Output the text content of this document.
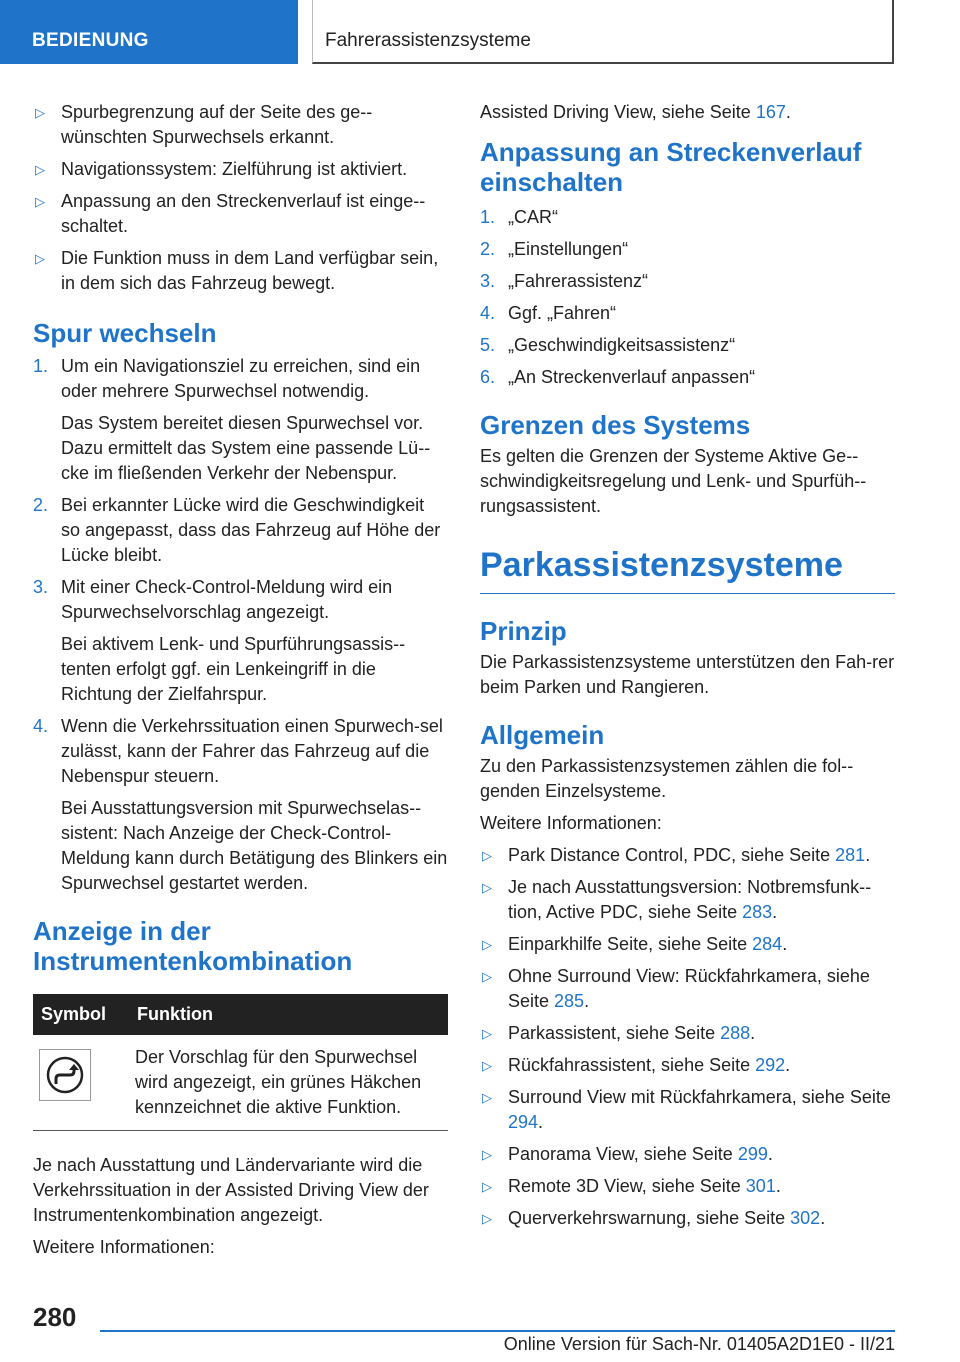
BEDIENUNG	Fahrerassistenzsysteme
▷ Spurbegrenzung auf der Seite des ge-wünschten Spurwechsels erkannt.
▷ Navigationssystem: Zielführung ist aktiviert.
▷ Anpassung an den Streckenverlauf ist einge-schaltet.
▷ Die Funktion muss in dem Land verfügbar sein, in dem sich das Fahrzeug bewegt.
Spur wechseln
1. Um ein Navigationsziel zu erreichen, sind ein oder mehrere Spurwechsel notwendig.
Das System bereitet diesen Spurwechsel vor. Dazu ermittelt das System eine passende Lü-cke im fließenden Verkehr der Nebenspur.
2. Bei erkannter Lücke wird die Geschwindigkeit so angepasst, dass das Fahrzeug auf Höhe der Lücke bleibt.
3. Mit einer Check-Control-Meldung wird ein Spurwechselvorschlag angezeigt.
Bei aktivem Lenk- und Spurführungsassis-tenten erfolgt ggf. ein Lenkeingriff in die Richtung der Zielfahrspur.
4. Wenn die Verkehrssituation einen Spurwech-sel zulässt, kann der Fahrer das Fahrzeug auf die Nebenspur steuern.
Bei Ausstattungsversion mit Spurwechselas-sistent: Nach Anzeige der Check-Control-Meldung kann durch Betätigung des Blinkers ein Spurwechsel gestartet werden.
Anzeige in der Instrumentenkombination
Symbol	Funktion

	Der Vorschlag für den Spurwechsel wird angezeigt, ein grünes Häkchen kennzeichnet die aktive Funktion.

Je nach Ausstattung und Ländervariante wird die Verkehrssituation in der Assisted Driving View der Instrumentenkombination angezeigt.

Weitere Informationen:

Assisted Driving View, siehe Seite 167.

Anpassung an Streckenverlauf einschalten
1. „CAR“
2. „Einstellungen“
3. „Fahrerassistenz“
4. Ggf. „Fahren“
5. „Geschwindigkeitsassistenz“
6. „An Streckenverlauf anpassen“
Grenzen des Systems

Es gelten die Grenzen der Systeme Aktive Ge-schwindigkeitsregelung und Lenk- und Spurfüh-rungsassistent.

Parkassistenzsysteme
Prinzip

Die Parkassistenzsysteme unterstützen den Fah-rer beim Parken und Rangieren.

Allgemein

Zu den Parkassistenzsystemen zählen die fol-genden Einzelsysteme.

Weitere Informationen:

▷ Park Distance Control, PDC, siehe Seite 281.
▷ Je nach Ausstattungsversion: Notbremsfunk-tion, Active PDC, siehe Seite 283.
▷ Einparkhilfe Seite, siehe Seite 284.
▷ Ohne Surround View: Rückfahrkamera, siehe Seite 285.
▷ Parkassistent, siehe Seite 288.
▷ Rückfahrassistent, siehe Seite 292.
▷ Surround View mit Rückfahrkamera, siehe Seite 294.
▷ Panorama View, siehe Seite 299.
▷ Remote 3D View, siehe Seite 301.
▷ Querverkehrswarnung, siehe Seite 302.
280
Online Version für Sach-Nr. 01405A2D1E0 - II/21
